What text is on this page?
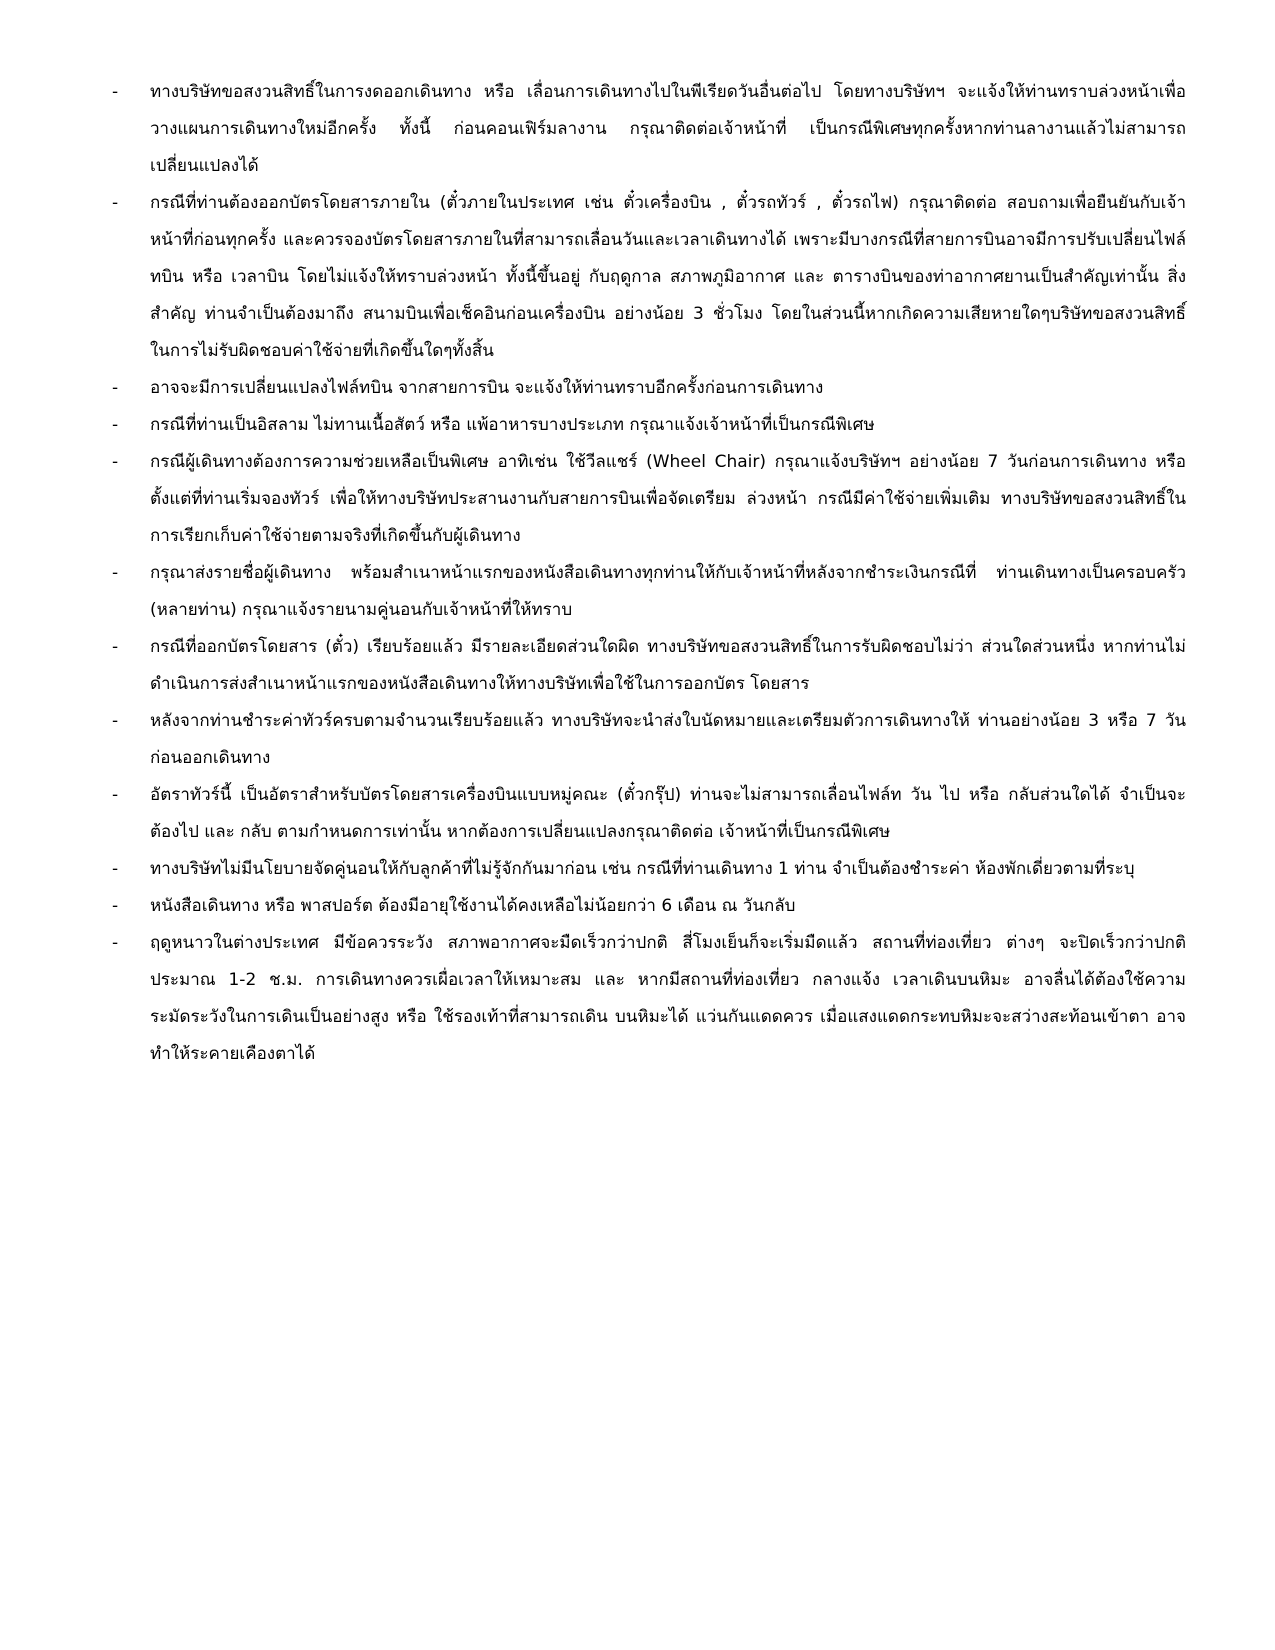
-	ทางบริษัทขอสงวนสิทธิ์ในการงดออกเดินทาง หรือ เลื่อนการเดินทางไปในพีเรียดวันอื่นต่อไป โดยทางบริษัทฯ จะแจ้งให้ท่านทราบล่วงหน้าเพื่อวางแผนการเดินทางใหม่อีกครั้ง ทั้งนี้ ก่อนคอนเฟิร์มลางาน กรุณาติดต่อเจ้าหน้าที่ เป็นกรณีพิเศษทุกครั้งหากท่านลางานแล้วไม่สามารถเปลี่ยนแปลงได้
-	กรณีที่ท่านต้องออกบัตรโดยสารภายใน (ตั๋วภายในประเทศ เช่น ตั๋วเครื่องบิน , ตั๋วรถทัวร์ , ตั๋วรถไฟ) กรุณาติดต่อ สอบถามเพื่อยืนยันกับเจ้าหน้าที่ก่อนทุกครั้ง และควรจองบัตรโดยสารภายในที่สามารถเลื่อนวันและเวลาเดินทางได้ เพราะมีบางกรณีที่สายการบินอาจมีการปรับเปลี่ยนไฟล์ทบิน หรือ เวลาบิน โดยไม่แจ้งให้ทราบล่วงหน้า ทั้งนี้ขึ้นอยู่ กับฤดูกาล สภาพภูมิอากาศ และ ตารางบินของท่าอากาศยานเป็นสำคัญเท่านั้น สิ่งสำคัญ ท่านจำเป็นต้องมาถึง สนามบินเพื่อเช็คอินก่อนเครื่องบิน อย่างน้อย 3 ชั่วโมง โดยในส่วนนี้หากเกิดความเสียหายใดๆบริษัทขอสงวนสิทธิ์ ในการไม่รับผิดชอบค่าใช้จ่ายที่เกิดขึ้นใดๆทั้งสิ้น
-	อาจจะมีการเปลี่ยนแปลงไฟล์ทบิน จากสายการบิน จะแจ้งให้ท่านทราบอีกครั้งก่อนการเดินทาง
-	กรณีที่ท่านเป็นอิสลาม ไม่ทานเนื้อสัตว์ หรือ แพ้อาหารบางประเภท กรุณาแจ้งเจ้าหน้าที่เป็นกรณีพิเศษ
-	กรณีผู้เดินทางต้องการความช่วยเหลือเป็นพิเศษ อาทิเช่น ใช้วีลแชร์ (Wheel Chair) กรุณาแจ้งบริษัทฯ อย่างน้อย 7 วันก่อนการเดินทาง หรือตั้งแต่ที่ท่านเริ่มจองทัวร์ เพื่อให้ทางบริษัทประสานงานกับสายการบินเพื่อจัดเตรียม ล่วงหน้า กรณีมีค่าใช้จ่ายเพิ่มเติม ทางบริษัทขอสงวนสิทธิ์ในการเรียกเก็บค่าใช้จ่ายตามจริงที่เกิดขึ้นกับผู้เดินทาง
-	กรุณาส่งรายชื่อผู้เดินทาง พร้อมสำเนาหน้าแรกของหนังสือเดินทางทุกท่านให้กับเจ้าหน้าที่หลังจากชำระเงินกรณีที่ ท่านเดินทางเป็นครอบครัว (หลายท่าน) กรุณาแจ้งรายนามคู่นอนกับเจ้าหน้าที่ให้ทราบ
-	กรณีที่ออกบัตรโดยสาร (ตั๋ว) เรียบร้อยแล้ว มีรายละเอียดส่วนใดผิด ทางบริษัทขอสงวนสิทธิ์ในการรับผิดชอบไม่ว่า ส่วนใดส่วนหนึ่ง หากท่านไม่ดำเนินการส่งสำเนาหน้าแรกของหนังสือเดินทางให้ทางบริษัทเพื่อใช้ในการออกบัตร โดยสาร
-	หลังจากท่านชำระค่าทัวร์ครบตามจำนวนเรียบร้อยแล้ว ทางบริษัทจะนำส่งใบนัดหมายและเตรียมตัวการเดินทางให้ ท่านอย่างน้อย 3 หรือ 7 วัน ก่อนออกเดินทาง
-	อัตราทัวร์นี้ เป็นอัตราสำหรับบัตรโดยสารเครื่องบินแบบหมู่คณะ (ตั๋วกรุ๊ป) ท่านจะไม่สามารถเลื่อนไฟล์ท วัน ไป หรือ กลับส่วนใดได้ จำเป็นจะต้องไป และ กลับ ตามกำหนดการเท่านั้น หากต้องการเปลี่ยนแปลงกรุณาติดต่อ เจ้าหน้าที่เป็นกรณีพิเศษ
-	ทางบริษัทไม่มีนโยบายจัดคู่นอนให้กับลูกค้าที่ไม่รู้จักกันมาก่อน เช่น กรณีที่ท่านเดินทาง 1 ท่าน จำเป็นต้องชำระค่า ห้องพักเดี่ยวตามที่ระบุ
-	หนังสือเดินทาง หรือ พาสปอร์ต ต้องมีอายุใช้งานได้คงเหลือไม่น้อยกว่า 6 เดือน ณ วันกลับ
-	ฤดูหนาวในต่างประเทศ มีข้อควรระวัง สภาพอากาศจะมืดเร็วกว่าปกติ สี่โมงเย็นก็จะเริ่มมืดแล้ว สถานที่ท่องเที่ยว ต่างๆ จะปิดเร็วกว่าปกติ ประมาณ 1-2 ช.ม. การเดินทางควรเผื่อเวลาให้เหมาะสม และ หากมีสถานที่ท่องเที่ยว กลางแจ้ง เวลาเดินบนหิมะ อาจลื่นได้ต้องใช้ความระมัดระวังในการเดินเป็นอย่างสูง หรือ ใช้รองเท้าที่สามารถเดิน บนหิมะได้ แว่นกันแดดควร เมื่อแสงแดดกระทบหิมะจะสว่างสะท้อนเข้าตา อาจทำให้ระคายเคืองตาได้
